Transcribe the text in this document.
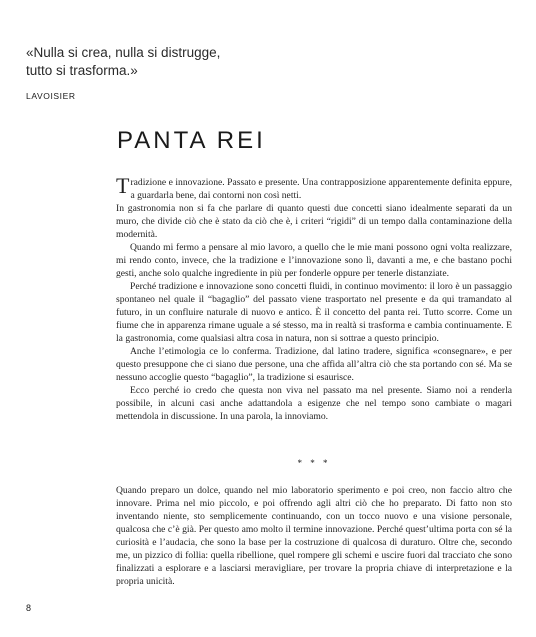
«Nulla si crea, nulla si distrugge,
tutto si trasforma.»
LAVOISIER
PANTA REI

Tradizione e innovazione. Passato e presente. Una contrapposizione apparentemente definita eppure, a guardarla bene, dai contorni non così netti.

In gastronomia non si fa che parlare di quanto questi due concetti siano idealmente separati da un muro, che divide ciò che è stato da ciò che è, i criteri “rigidi” di un tempo dalla contaminazione della modernità.

Quando mi fermo a pensare al mio lavoro, a quello che le mie mani possono ogni volta realizzare, mi rendo conto, invece, che la tradizione e l’innovazione sono lì, davanti a me, e che bastano pochi gesti, anche solo qualche ingrediente in più per fonderle oppure per tenerle distanziate.

Perché tradizione e innovazione sono concetti fluidi, in continuo movimento: il loro è un passaggio spontaneo nel quale il “bagaglio” del passato viene trasportato nel presente e da qui tramandato al futuro, in un confluire naturale di nuovo e antico. È il concetto del panta rei. Tutto scorre. Come un fiume che in apparenza rimane uguale a sé stesso, ma in realtà si trasforma e cambia continuamente. E la gastronomia, come qualsiasi altra cosa in natura, non si sottrae a questo principio.

Anche l’etimologia ce lo conferma. Tradizione, dal latino tradere, significa «consegnare», e per questo presuppone che ci siano due persone, una che affida all’altra ciò che sta portando con sé. Ma se nessuno accoglie questo “bagaglio”, la tradizione si esaurisce.

Ecco perché io credo che questa non viva nel passato ma nel presente. Siamo noi a renderla possibile, in alcuni casi anche adattandola a esigenze che nel tempo sono cambiate o magari mettendola in discussione. In una parola, la innoviamo.

* * *

Quando preparo un dolce, quando nel mio laboratorio sperimento e poi creo, non faccio altro che innovare. Prima nel mio piccolo, e poi offrendo agli altri ciò che ho preparato. Di fatto non sto inventando niente, sto semplicemente continuando, con un tocco nuovo e una visione personale, qualcosa che c’è già. Per questo amo molto il termine innovazione. Perché quest’ultima porta con sé la curiosità e l’audacia, che sono la base per la costruzione di qualcosa di duraturo. Oltre che, secondo me, un pizzico di follia: quella ribellione, quel rompere gli schemi e uscire fuori dal tracciato che sono finalizzati a esplorare e a lasciarsi meravigliare, per trovare la propria chiave di interpretazione e la propria unicità.

8
